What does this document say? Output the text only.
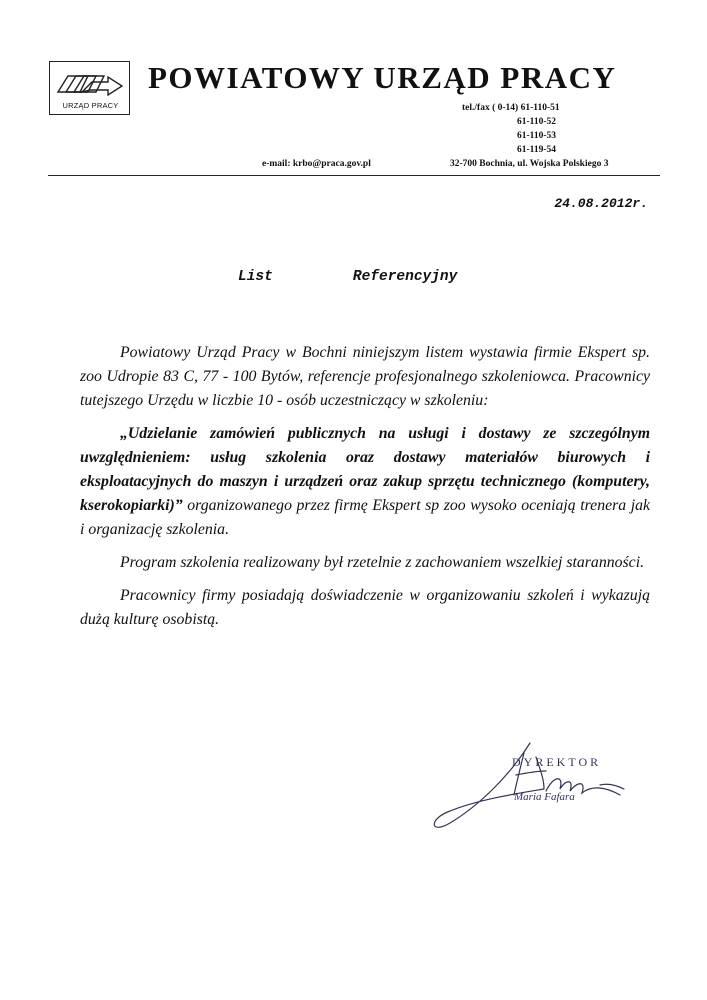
URZĄD PRACY
POWIATOWY URZĄD PRACY
tel./fax ( 0-14) 61-110-51
61-110-52
61-110-53
61-119-54
e-mail: krbo@praca.gov.pl	32-700 Bochnia, ul. Wojska Polskiego 3
24.08.2012r.
List   Referencyjny

Powiatowy Urząd Pracy w Bochni niniejszym listem wystawia firmie Ekspert sp. zoo Udropie 83 C, 77 - 100 Bytów, referencje profesjonalnego szkoleniowca. Pracownicy tutejszego Urzędu w liczbie 10 - osób uczestniczący w szkoleniu:

„Udzielanie zamówień publicznych na usługi i dostawy ze szczególnym uwzględnieniem: usług szkolenia oraz dostawy materiałów biurowych i eksploatacyjnych do maszyn i urządzeń oraz zakup sprzętu technicznego (komputery, kserokopiarki)” organizowanego przez firmę Ekspert sp zoo wysoko oceniają trenera jak i organizację szkolenia.

Program szkolenia realizowany był rzetelnie z zachowaniem wszelkiej staranności.

Pracownicy firmy posiadają doświadczenie w organizowaniu szkoleń i wykazują dużą kulturę osobistą.

DYREKTOR
Maria Fafara
